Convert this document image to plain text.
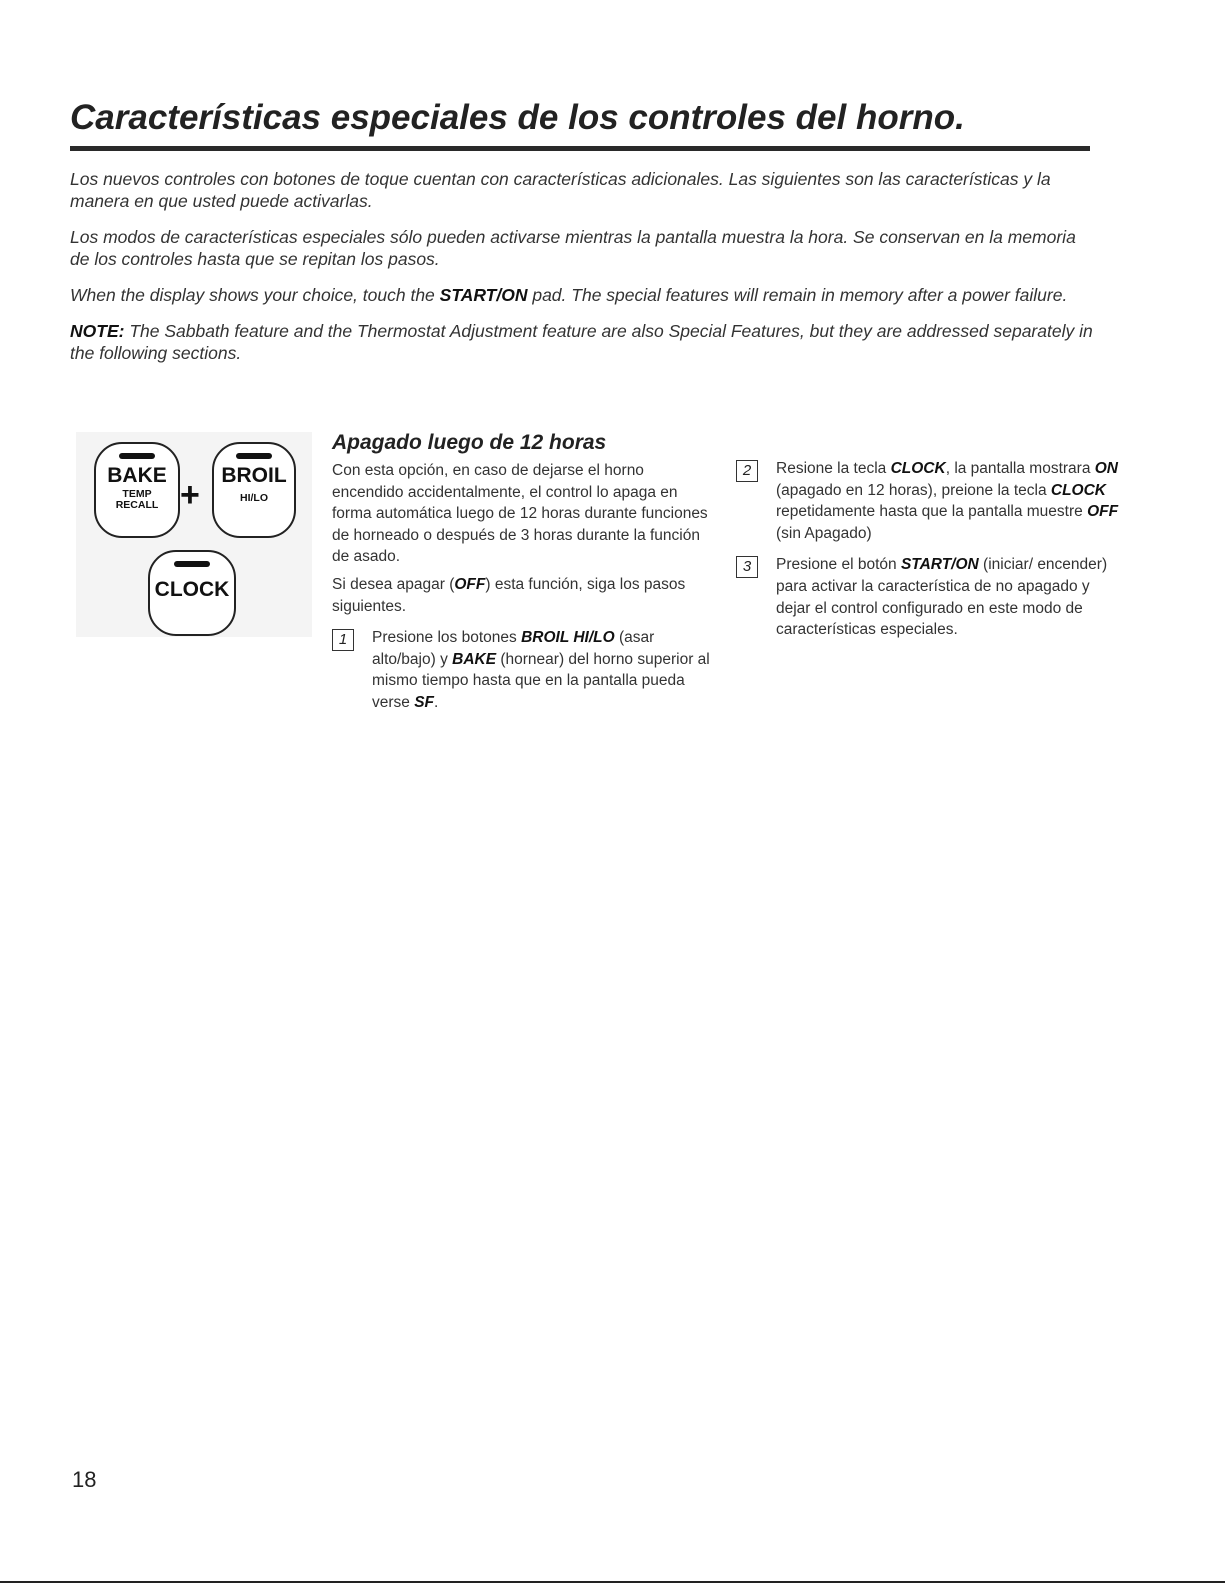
Características especiales de los controles del horno.

Los nuevos controles con botones de toque cuentan con características adicionales. Las siguientes son las características y la manera en que usted puede activarlas.

Los modos de características especiales sólo pueden activarse mientras la pantalla muestra la hora. Se conservan en la memoria de los controles hasta que se repitan los pasos.

When the display shows your choice, touch the START/ON pad. The special features will remain in memory after a power failure.

NOTE: The Sabbath feature and the Thermostat Adjustment feature are also Special Features, but they are addressed separately in the following sections.

BAKE
TEMP RECALL +
BROIL
HI/LO
CLOCK
Apagado luego de 12 horas

Con esta opción, en caso de dejarse el horno encendido accidentalmente, el control lo apaga en forma automática luego de 12 horas durante funciones de horneado o después de 3 horas durante la función de asado.

Si desea apagar (OFF) esta función, siga los pasos siguientes.

1	Presione los botones BROIL HI/LO (asar alto/bajo) y BAKE (hornear) del horno superior al mismo tiempo hasta que en la pantalla pueda verse SF.
2	Resione la tecla CLOCK, la pantalla mostrara ON (apagado en 12 horas), preione la tecla CLOCK repetidamente hasta que la pantalla muestre OFF (sin Apagado)
3	Presione el botón START/ON (iniciar/ encender) para activar la característica de no apagado y dejar el control configurado en este modo de características especiales.
18
